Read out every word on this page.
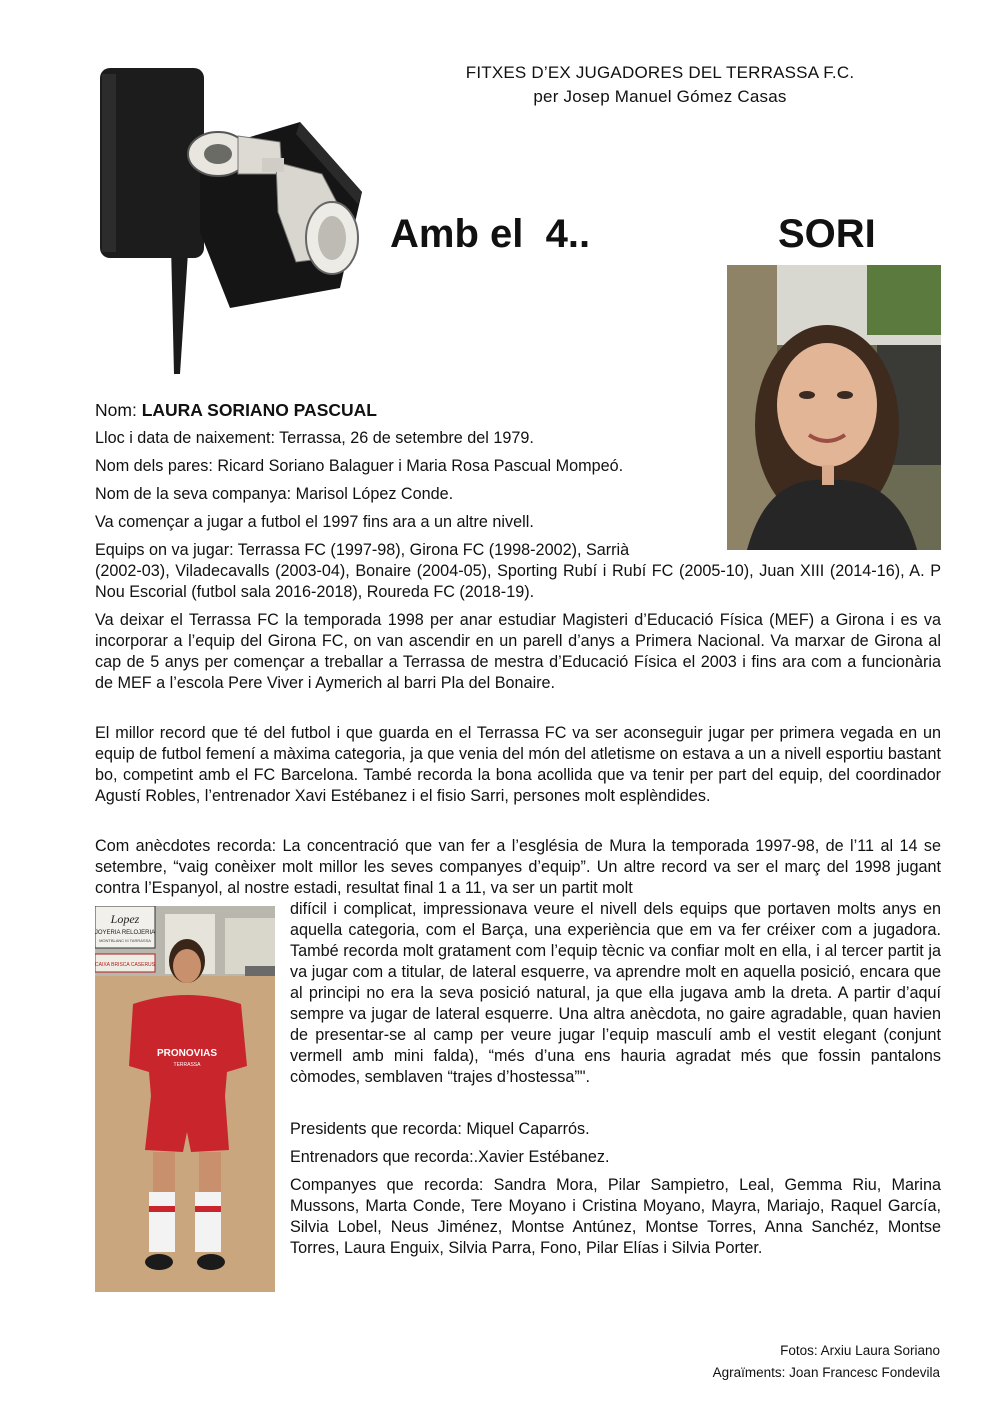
FITXES D’EX JUGADORES DEL TERRASSA F.C.
per Josep Manuel Gómez Casas
Amb el  4..	SORI
Nom: LAURA SORIANO PASCUAL
Lloc i data de naixement: Terrassa, 26 de setembre del 1979.
Nom dels pares: Ricard Soriano Balaguer i Maria Rosa Pascual Mompeó.
Nom de la seva companya: Marisol López Conde.
Va començar a jugar a futbol el 1997 fins ara a un altre nivell.
Equips on va jugar: Terrassa FC (1997-98), Girona FC (1998-2002), Sarrià

(2002-03), Viladecavalls (2003-04), Bonaire (2004-05), Sporting Rubí i Rubí FC (2005-10), Juan XIII (2014-16), A. P Nou Escorial (futbol sala 2016-2018), Roureda FC (2018-19).

Va deixar el Terrassa FC la temporada 1998 per anar estudiar Magisteri d’Educació Física (MEF) a Girona i es va incorporar a l’equip del Girona FC, on van ascendir en un parell d’anys a Primera Nacional. Va marxar de Girona al cap de 5 anys per començar a treballar a Terrassa de mestra d’Educació Física el 2003 i fins ara com a funcionària de MEF a l’escola Pere Viver i Aymerich al barri Pla del Bonaire.

El millor record que té del futbol i que guarda en el Terrassa FC va ser aconseguir jugar per primera vegada en un equip de futbol femení a màxima categoria, ja que venia del món del atletisme on estava a un a nivell esportiu bastant bo, competint amb el FC Barcelona. També recorda la bona acollida que va tenir per part del equip, del coordinador Agustí Robles, l’entrenador Xavi Estébanez i el fisio Sarri, persones molt esplèndides.

Com anècdotes recorda: La concentració que van fer a l’església de Mura la temporada 1997-98, de l’11 al 14 se setembre, “vaig conèixer molt millor les seves companyes d’equip”. Un altre record va ser el març del 1998 jugant contra l’Espanyol, al nostre estadi, resultat final 1 a 11, va ser un partit molt

difícil i complicat, impressionava veure el nivell dels equips que portaven molts anys en aquella categoria, com el Barça, una experiència que em va fer créixer com a jugadora. També recorda molt gratament com l’equip tècnic va confiar molt en ella, i al tercer partit ja va jugar com a titular, de lateral esquerre, va aprendre molt en aquella posició, encara que al principi no era la seva posició natural, ja que ella jugava amb la dreta. A partir d’aquí sempre va jugar de lateral esquerre. Una altra anècdota, no gaire agradable, quan havien de presentar-se al camp per veure jugar l’equip masculí amb el vestit elegant (conjunt vermell amb mini falda), “més d’una ens hauria agradat més que fossin pantalons còmodes, semblaven “trajes d’hostessa”".

Presidents que recorda: Miquel Caparrós.
Entrenadors que recorda:.Xavier Estébanez.

Companyes que recorda: Sandra Mora, Pilar Sampietro, Leal, Gemma Riu, Marina Mussons, Marta Conde, Tere Moyano i Cristina Moyano, Mayra, Mariajo, Raquel García, Silvia Lobel, Neus Jiménez, Montse Antúnez, Montse Torres, Anna Sanchéz, Montse Torres, Laura Enguix, Silvia Parra, Fono, Pilar Elías i Silvia Porter.

Lopez
JOYERIA RELOJERIA
MONTBLANC III TARRASSA
CAIXA BRISCA CASERUS
PRONOVIAS
TERRASSA
Fotos: Arxiu Laura Soriano
Agraïments: Joan Francesc Fondevila
